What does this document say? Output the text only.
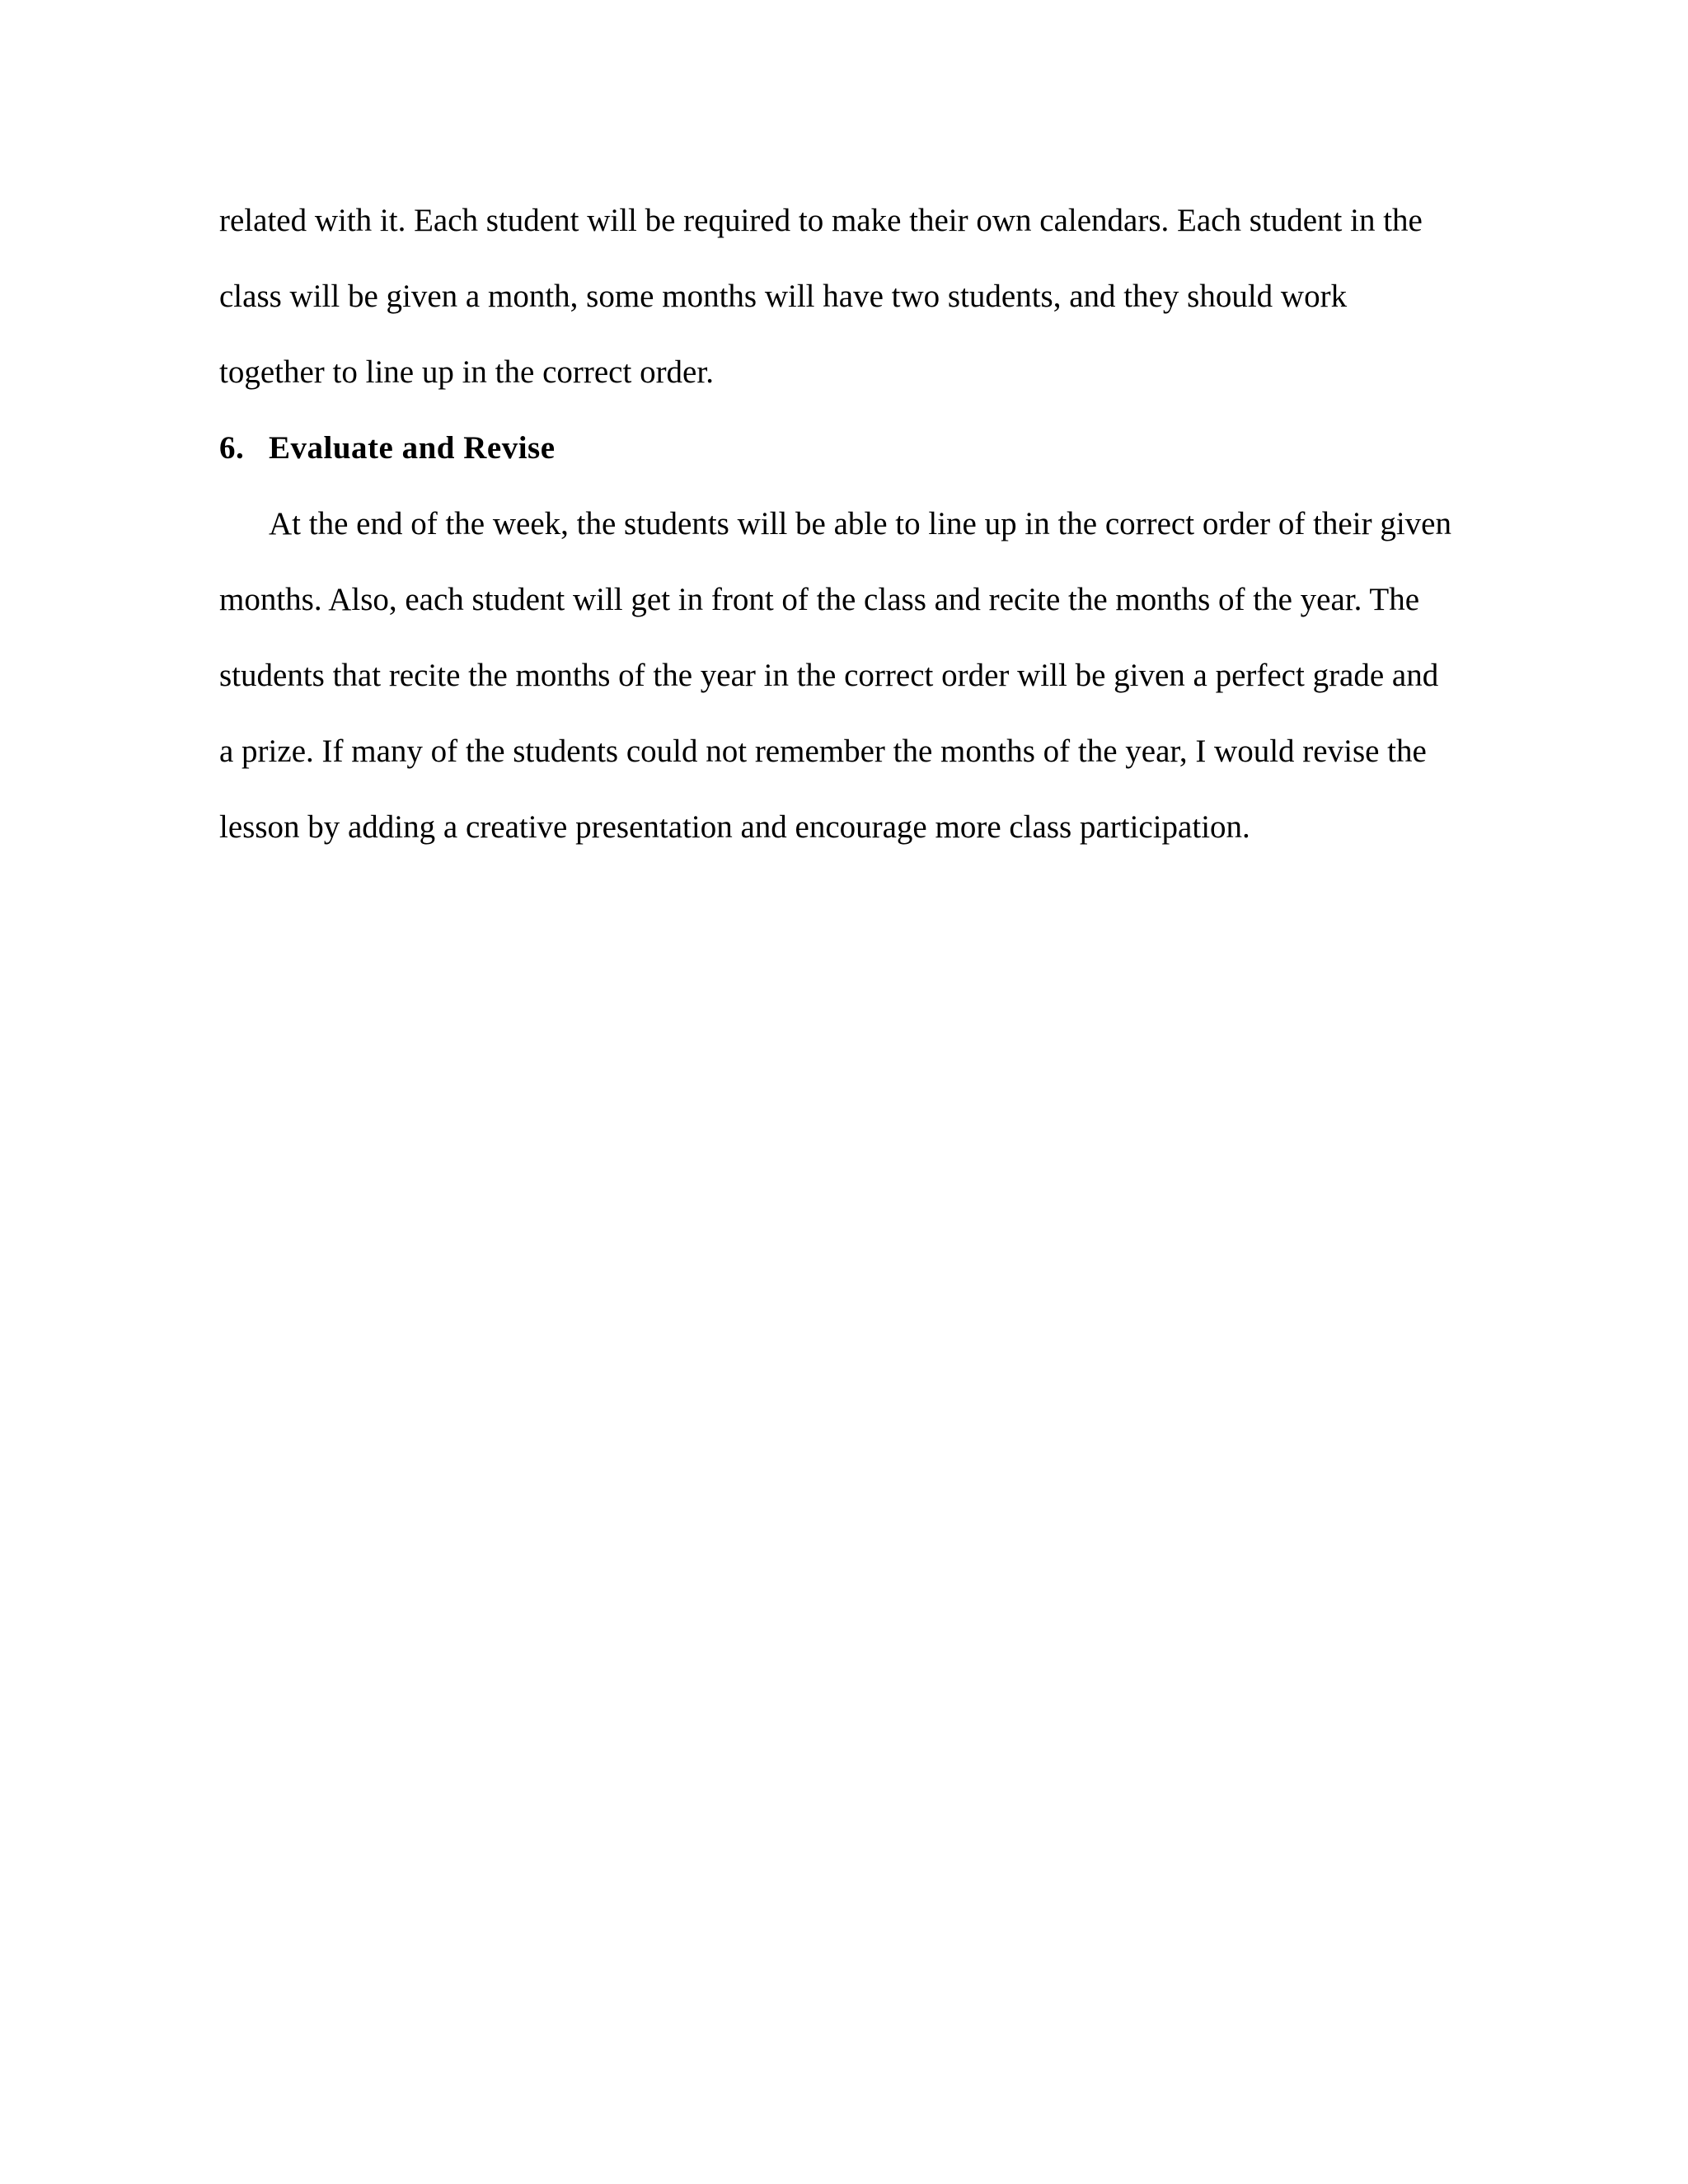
related with it. Each student will be required to make their own calendars. Each student in the
class will be given a month, some months will have two students, and they should work
together to line up in the correct order.
6. Evaluate and Revise
At the end of the week, the students will be able to line up in the correct order of their given
months. Also, each student will get in front of the class and recite the months of the year. The
students that recite the months of the year in the correct order will be given a perfect grade and
a prize. If many of the students could not remember the months of the year, I would revise the
lesson by adding a creative presentation and encourage more class participation.
